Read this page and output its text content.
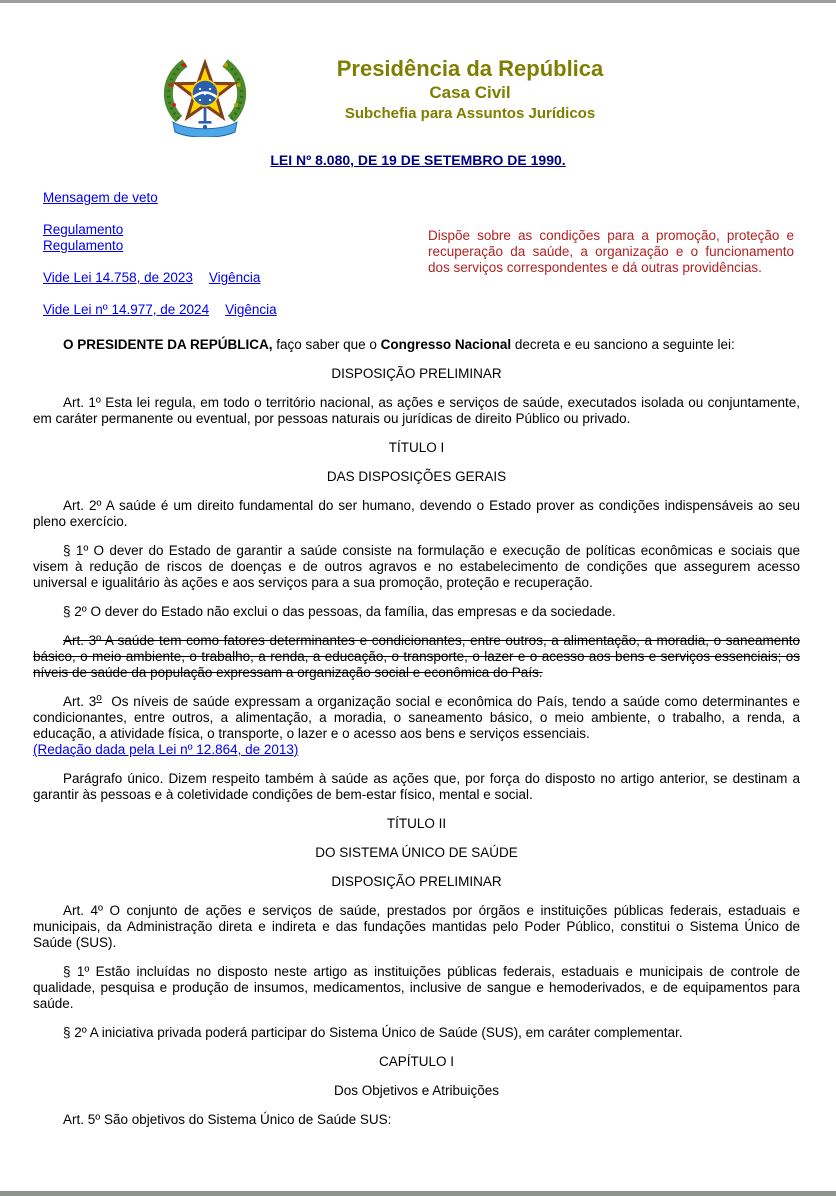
Presidência da República
Casa Civil
Subchefia para Assuntos Jurídicos
LEI Nº 8.080, DE 19 DE SETEMBRO DE 1990.

Mensagem de veto

Regulamento

Regulamento

Vide Lei 14.758, de 2023 Vigência

Vide Lei nº 14.977, de 2024 Vigência

Dispõe sobre as condições para a promoção, proteção e recuperação da saúde, a organização e o funcionamento dos serviços correspondentes e dá outras providências.

O PRESIDENTE DA REPÚBLICA, faço saber que o Congresso Nacional decreta e eu sanciono a seguinte lei:

DISPOSIÇÃO PRELIMINAR

Art. 1º Esta lei regula, em todo o território nacional, as ações e serviços de saúde, executados isolada ou conjuntamente, em caráter permanente ou eventual, por pessoas naturais ou jurídicas de direito Público ou privado.

TÍTULO I

DAS DISPOSIÇÕES GERAIS

Art. 2º A saúde é um direito fundamental do ser humano, devendo o Estado prover as condições indispensáveis ao seu pleno exercício.

§ 1º O dever do Estado de garantir a saúde consiste na formulação e execução de políticas econômicas e sociais que visem à redução de riscos de doenças e de outros agravos e no estabelecimento de condições que assegurem acesso universal e igualitário às ações e aos serviços para a sua promoção, proteção e recuperação.

§ 2º O dever do Estado não exclui o das pessoas, da família, das empresas e da sociedade.

Art. 3º A saúde tem como fatores determinantes e condicionantes, entre outros, a alimentação, a moradia, o saneamento básico, o meio ambiente, o trabalho, a renda, a educação, o transporte, o lazer e o acesso aos bens e serviços essenciais; os níveis de saúde da população expressam a organização social e econômica do País.

Art. 3$^o$  Os níveis de saúde expressam a organização social e econômica do País, tendo a saúde como determinantes e condicionantes, entre outros, a alimentação, a moradia, o saneamento básico, o meio ambiente, o trabalho, a renda, a educação, a atividade física, o transporte, o lazer e o acesso aos bens e serviços essenciais.
(Redação dada pela Lei nº 12.864, de 2013)

Parágrafo único. Dizem respeito também à saúde as ações que, por força do disposto no artigo anterior, se destinam a garantir às pessoas e à coletividade condições de bem-estar físico, mental e social.

TÍTULO II

DO SISTEMA ÚNICO DE SAÚDE

DISPOSIÇÃO PRELIMINAR

Art. 4º O conjunto de ações e serviços de saúde, prestados por órgãos e instituições públicas federais, estaduais e municipais, da Administração direta e indireta e das fundações mantidas pelo Poder Público, constitui o Sistema Único de Saúde (SUS).

§ 1º Estão incluídas no disposto neste artigo as instituições públicas federais, estaduais e municipais de controle de qualidade, pesquisa e produção de insumos, medicamentos, inclusive de sangue e hemoderivados, e de equipamentos para saúde.

§ 2º A iniciativa privada poderá participar do Sistema Único de Saúde (SUS), em caráter complementar.

CAPÍTULO I

Dos Objetivos e Atribuições

Art. 5º São objetivos do Sistema Único de Saúde SUS:
